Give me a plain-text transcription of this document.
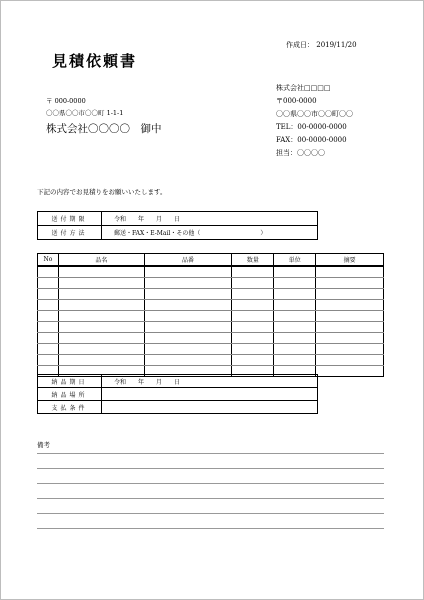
作成日： 2019/11/20
見積依頼書
〒 000-0000
〇〇県〇〇市〇〇町 1-1-1
株式会社〇〇〇〇　御中
株式会社□□□□
〒000-0000
〇〇県〇〇市〇〇町〇〇
TEL：00-0000-0000
FAX：00-0000-0000
担当：〇〇〇〇
下記の内容でお見積りをお願いいたします。
送付期限	令和　　年　　月　　日
送付方法	郵送・FAX・E-Mail・その他（　　　　　　　　　　）
No	品名	品番	数量	単位	摘要

納品期日	令和　　年　　月　　日
納品場所	
支払条件	
備考
